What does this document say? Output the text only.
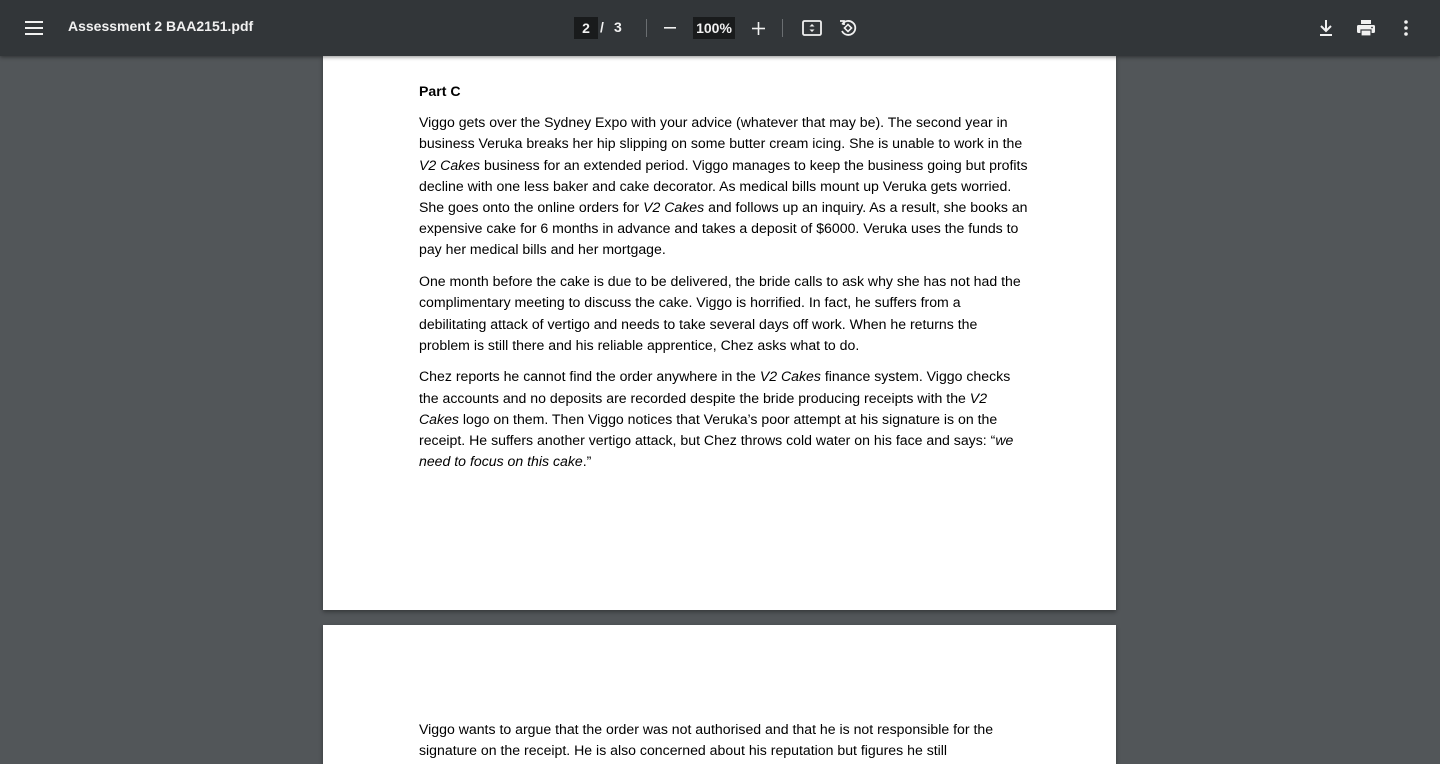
Assessment 2 BAA2151.pdf
2	/ 3	100%

Part C

Viggo gets over the Sydney Expo with your advice (whatever that may be). The second year in business Veruka breaks her hip slipping on some butter cream icing. She is unable to work in the V2 Cakes business for an extended period. Viggo manages to keep the business going but profits decline with one less baker and cake decorator. As medical bills mount up Veruka gets worried. She goes onto the online orders for V2 Cakes and follows up an inquiry. As a result, she books an expensive cake for 6 months in advance and takes a deposit of $6000. Veruka uses the funds to pay her medical bills and her mortgage.

One month before the cake is due to be delivered, the bride calls to ask why she has not had the complimentary meeting to discuss the cake. Viggo is horrified. In fact, he suffers from a debilitating attack of vertigo and needs to take several days off work. When he returns the problem is still there and his reliable apprentice, Chez asks what to do.

Chez reports he cannot find the order anywhere in the V2 Cakes finance system. Viggo checks the accounts and no deposits are recorded despite the bride producing receipts with the V2 Cakes logo on them. Then Viggo notices that Veruka’s poor attempt at his signature is on the receipt. He suffers another vertigo attack, but Chez throws cold water on his face and says: “we need to focus on this cake.”

Viggo wants to argue that the order was not authorised and that he is not responsible for the signature on the receipt. He is also concerned about his reputation but figures he still
